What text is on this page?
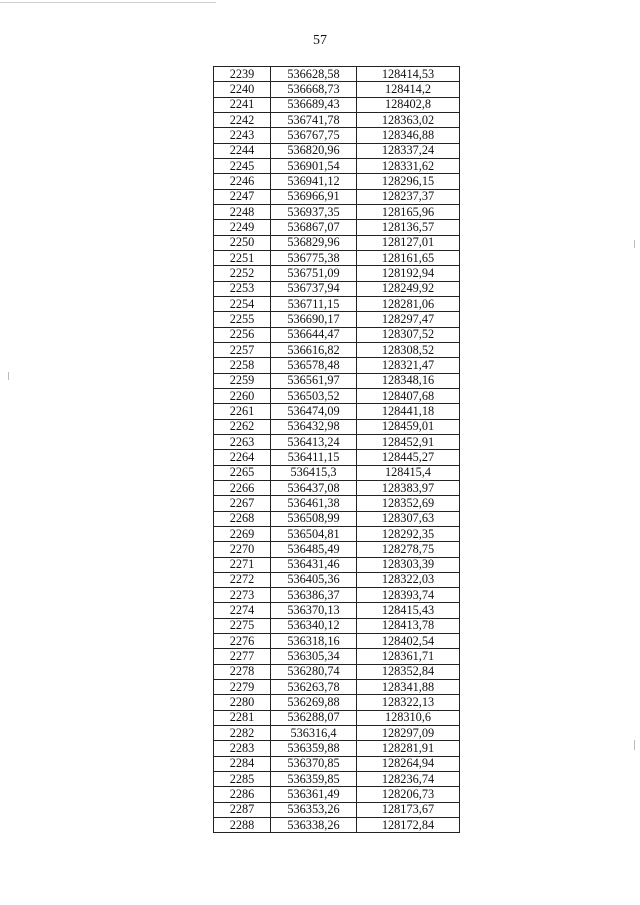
57
2239	536628,58	128414,53
2240	536668,73	128414,2
2241	536689,43	128402,8
2242	536741,78	128363,02
2243	536767,75	128346,88
2244	536820,96	128337,24
2245	536901,54	128331,62
2246	536941,12	128296,15
2247	536966,91	128237,37
2248	536937,35	128165,96
2249	536867,07	128136,57
2250	536829,96	128127,01
2251	536775,38	128161,65
2252	536751,09	128192,94
2253	536737,94	128249,92
2254	536711,15	128281,06
2255	536690,17	128297,47
2256	536644,47	128307,52
2257	536616,82	128308,52
2258	536578,48	128321,47
2259	536561,97	128348,16
2260	536503,52	128407,68
2261	536474,09	128441,18
2262	536432,98	128459,01
2263	536413,24	128452,91
2264	536411,15	128445,27
2265	536415,3	128415,4
2266	536437,08	128383,97
2267	536461,38	128352,69
2268	536508,99	128307,63
2269	536504,81	128292,35
2270	536485,49	128278,75
2271	536431,46	128303,39
2272	536405,36	128322,03
2273	536386,37	128393,74
2274	536370,13	128415,43
2275	536340,12	128413,78
2276	536318,16	128402,54
2277	536305,34	128361,71
2278	536280,74	128352,84
2279	536263,78	128341,88
2280	536269,88	128322,13
2281	536288,07	128310,6
2282	536316,4	128297,09
2283	536359,88	128281,91
2284	536370,85	128264,94
2285	536359,85	128236,74
2286	536361,49	128206,73
2287	536353,26	128173,67
2288	536338,26	128172,84
